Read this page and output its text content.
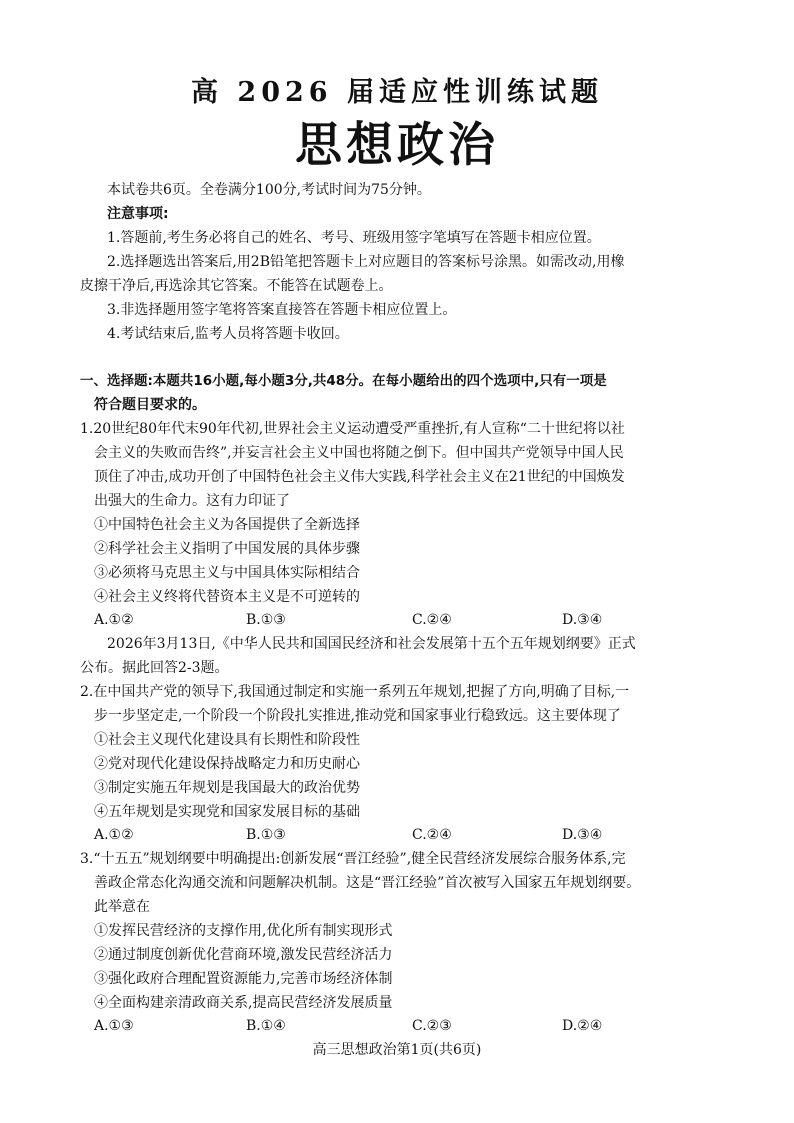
高 2026 届适应性训练试题
思想政治
本试卷共6页。全卷满分100分,考试时间为75分钟。
注意事项:
1.答题前,考生务必将自己的姓名、考号、班级用签字笔填写在答题卡相应位置。
2.选择题选出答案后,用2B铅笔把答题卡上对应题目的答案标号涂黑。如需改动,用橡
皮擦干净后,再选涂其它答案。不能答在试题卷上。
3.非选择题用签字笔将答案直接答在答题卡相应位置上。
4.考试结束后,监考人员将答题卡收回。
一、选择题:本题共16小题,每小题3分,共48分。在每小题给出的四个选项中,只有一项是
符合题目要求的。
1.20世纪80年代末90年代初,世界社会主义运动遭受严重挫折,有人宣称“二十世纪将以社
会主义的失败而告终”,并妄言社会主义中国也将随之倒下。但中国共产党领导中国人民
顶住了冲击,成功开创了中国特色社会主义伟大实践,科学社会主义在21世纪的中国焕发
出强大的生命力。这有力印证了
①中国特色社会主义为各国提供了全新选择
②科学社会主义指明了中国发展的具体步骤
③必须将马克思主义与中国具体实际相结合
④社会主义终将代替资本主义是不可逆转的
A.①②	B.①③	C.②④	D.③④
2026年3月13日,《中华人民共和国国民经济和社会发展第十五个五年规划纲要》正式
公布。据此回答2-3题。
2.在中国共产党的领导下,我国通过制定和实施一系列五年规划,把握了方向,明确了目标,一
步一步坚定走,一个阶段一个阶段扎实推进,推动党和国家事业行稳致远。这主要体现了
①社会主义现代化建设具有长期性和阶段性
②党对现代化建设保持战略定力和历史耐心
③制定实施五年规划是我国最大的政治优势
④五年规划是实现党和国家发展目标的基础
A.①②	B.①③	C.②④	D.③④
3.“十五五”规划纲要中明确提出:创新发展“晋江经验”,健全民营经济发展综合服务体系,完
善政企常态化沟通交流和问题解决机制。这是“晋江经验”首次被写入国家五年规划纲要。
此举意在
①发挥民营经济的支撑作用,优化所有制实现形式
②通过制度创新优化营商环境,激发民营经济活力
③强化政府合理配置资源能力,完善市场经济体制
④全面构建亲清政商关系,提高民营经济发展质量
A.①③	B.①④	C.②③	D.②④
高三思想政治第1页(共6页)
